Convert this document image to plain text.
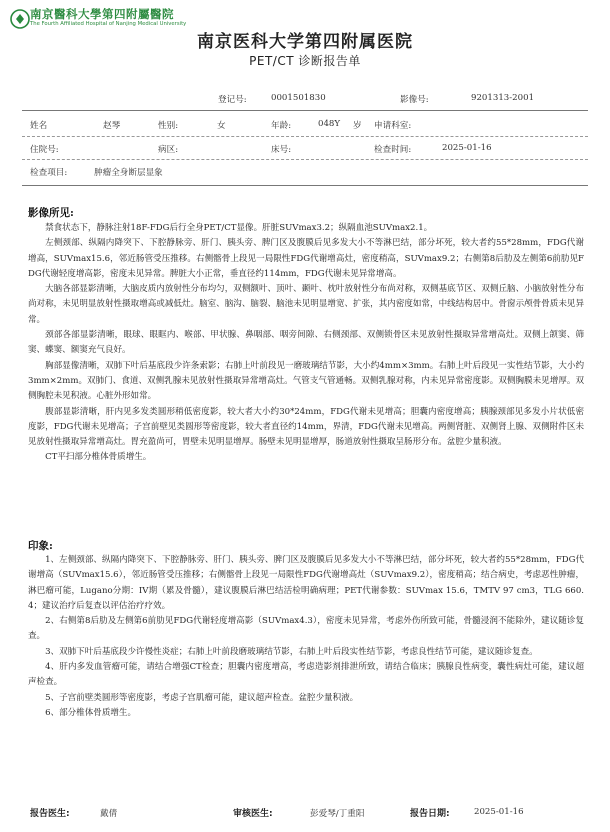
南京醫科大學第四附屬醫院
The Fourth Affiliated Hospital of Nanjing Medical University
南京医科大学第四附属医院
PET/CT 诊断报告单
登记号:	0001501830	影像号:	9201313-2001
姓名	赵琴	性别:	女	年龄:	048Y 岁 申请科室:
住院号:	病区:	床号:	检查时间:	2025-01-16
检查项目:	肿瘤全身断层显象
影像所见:

禁食状态下，静脉注射18F-FDG后行全身PET/CT显像。肝脏SUVmax3.2；纵隔血池SUVmax2.1。

左侧颈部、纵隔内降突下、下腔静脉旁、肝门、胰头旁、脾门区及腹膜后见多发大小不等淋巴结，部分坏死，较大者约55*28mm，FDG代谢增高，SUVmax15.6，邻近肠管受压推移。右侧髂骨上段见一局限性FDG代谢增高灶，密度稍高，SUVmax9.2；右侧第8后肋及左侧第6前肋见FDG代谢轻度增高影，密度未见异常。脾脏大小正常，垂直径约114mm，FDG代谢未见异常增高。

大脑各部显影清晰，大脑皮质内放射性分布均匀，双侧额叶、顶叶、颞叶、枕叶放射性分布尚对称，双侧基底节区、双侧丘脑、小脑放射性分布尚对称，未见明显放射性摄取增高或减低灶。脑室、脑沟、脑裂、脑池未见明显增宽、扩张，其内密度如常，中线结构居中。骨窗示颅骨骨质未见异常。

颈部各部显影清晰，眼球、眼眶内、喉部、甲状腺、鼻咽部、咽旁间隙、右侧颈部、双侧锁骨区未见放射性摄取异常增高灶。双侧上颌窦、筛窦、蝶窦、额窦充气良好。

胸部显像清晰，双肺下叶后基底段少许条索影；右肺上叶前段见一磨玻璃结节影，大小约4mm×3mm。右肺上叶后段见一实性结节影，大小约3mm×2mm。双肺门、食道、双侧乳腺未见放射性摄取异常增高灶。气管支气管通畅。双侧乳腺对称，内未见异常密度影。双侧胸膜未见增厚。双侧胸腔未见积液。心脏外形如常。

腹部显影清晰，肝内见多发类圆形稍低密度影，较大者大小约30*24mm，FDG代谢未见增高；胆囊内密度增高；胰腺颈部见多发小片状低密度影，FDG代谢未见增高；子宫前壁见类圆形等密度影，较大者直径约14mm，界清，FDG代谢未见增高。两侧肾脏、双侧肾上腺、双侧附件区未见放射性摄取异常增高灶。胃充盈尚可，胃壁未见明显增厚。肠壁未见明显增厚，肠道放射性摄取呈肠形分布。盆腔少量积液。

CT平扫部分椎体骨质增生。

印象:

1、左侧颈部、纵隔内降突下、下腔静脉旁、肝门、胰头旁、脾门区及腹膜后见多发大小不等淋巴结，部分坏死，较大者约55*28mm，FDG代谢增高（SUVmax15.6），邻近肠管受压推移；右侧髂骨上段见一局限性FDG代谢增高灶（SUVmax9.2），密度稍高；结合病史，考虑恶性肿瘤，淋巴瘤可能，Lugano分期：IV期（累及骨髓），建议腹膜后淋巴结活检明确病理；PET代谢参数：SUVmax 15.6，TMTV 97 cm3，TLG 660.4；建议治疗后复查以评估治疗疗效。

2、右侧第8后肋及左侧第6前肋见FDG代谢轻度增高影（SUVmax4.3），密度未见异常，考虑外伤所致可能，骨髓浸润不能除外，建议随诊复查。

3、双肺下叶后基底段少许慢性炎症；右肺上叶前段磨玻璃结节影，右肺上叶后段实性结节影，考虑良性结节可能，建议随诊复查。

4、肝内多发血管瘤可能，请结合增强CT检查；胆囊内密度增高，考虑造影剂排泄所致，请结合临床；胰腺良性病变，囊性病灶可能，建议超声检查。

5、子宫前壁类圆形等密度影，考虑子宫肌瘤可能，建议超声检查。盆腔少量积液。

6、部分椎体骨质增生。

报告医生:	戴倩	审核医生:	彭爱琴/丁重阳	报告日期:	2025-01-16
